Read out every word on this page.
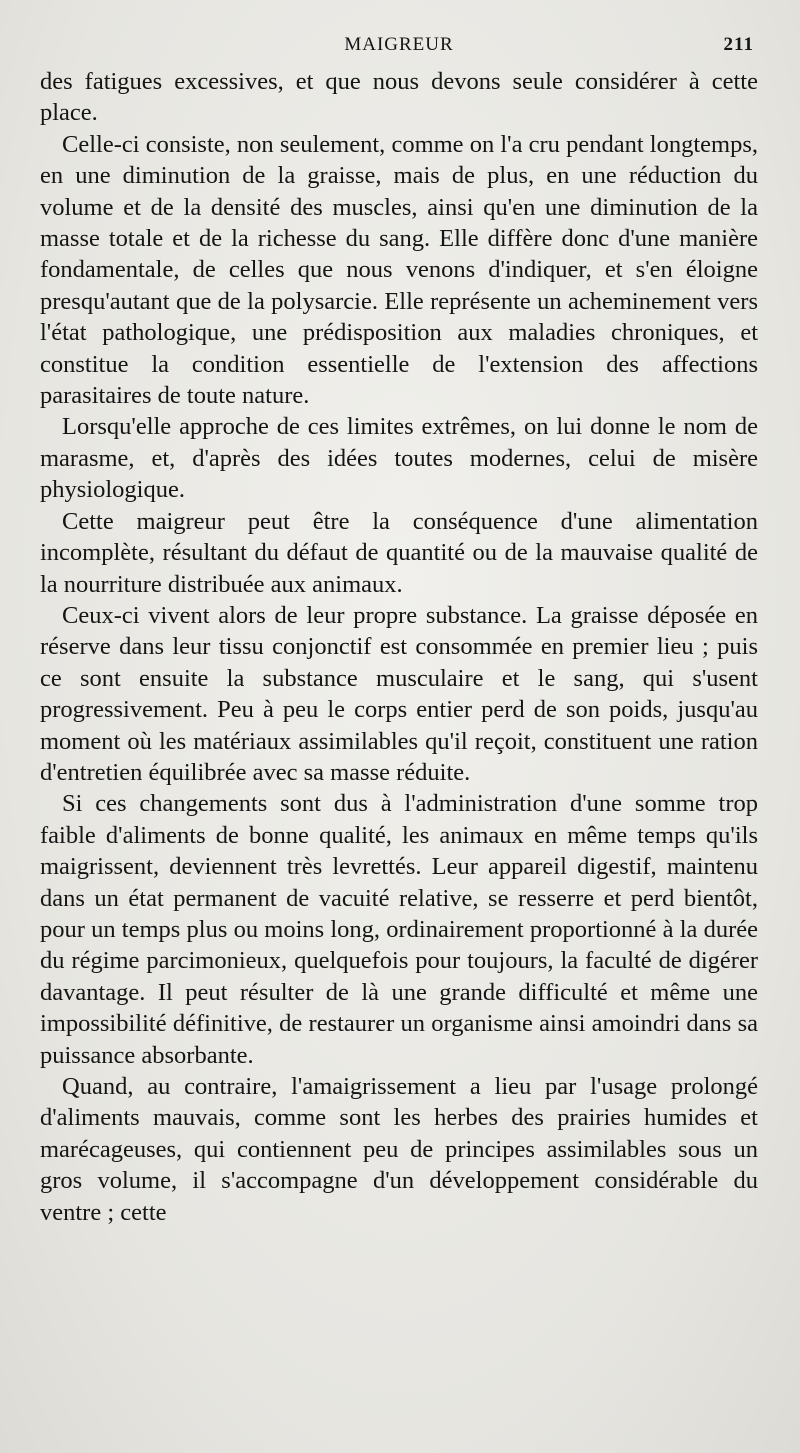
MAIGREUR	211

des fatigues excessives, et que nous devons seule considérer à cette place.

Celle-ci consiste, non seulement, comme on l'a cru pendant longtemps, en une diminution de la graisse, mais de plus, en une réduction du volume et de la densité des muscles, ainsi qu'en une diminution de la masse totale et de la richesse du sang. Elle diffère donc d'une manière fondamentale, de celles que nous venons d'indiquer, et s'en éloigne presqu'autant que de la polysarcie. Elle représente un acheminement vers l'état pathologique, une prédisposition aux maladies chroniques, et constitue la condition essentielle de l'extension des affections parasitaires de toute nature.

Lorsqu'elle approche de ces limites extrêmes, on lui donne le nom de marasme, et, d'après des idées toutes modernes, celui de misère physiologique.

Cette maigreur peut être la conséquence d'une alimentation incomplète, résultant du défaut de quantité ou de la mauvaise qualité de la nourriture distribuée aux animaux.

Ceux-ci vivent alors de leur propre substance. La graisse déposée en réserve dans leur tissu conjonctif est consommée en premier lieu ; puis ce sont ensuite la substance musculaire et le sang, qui s'usent progressivement. Peu à peu le corps entier perd de son poids, jusqu'au moment où les matériaux assimilables qu'il reçoit, constituent une ration d'entretien équilibrée avec sa masse réduite.

Si ces changements sont dus à l'administration d'une somme trop faible d'aliments de bonne qualité, les animaux en même temps qu'ils maigrissent, deviennent très levrettés. Leur appareil digestif, maintenu dans un état permanent de vacuité relative, se resserre et perd bientôt, pour un temps plus ou moins long, ordinairement proportionné à la durée du régime parcimonieux, quelquefois pour toujours, la faculté de digérer davantage. Il peut résulter de là une grande difficulté et même une impossibilité définitive, de restaurer un organisme ainsi amoindri dans sa puissance absorbante.

Quand, au contraire, l'amaigrissement a lieu par l'usage prolongé d'aliments mauvais, comme sont les herbes des prairies humides et marécageuses, qui contiennent peu de principes assimilables sous un gros volume, il s'accompagne d'un développement considérable du ventre ; cette
